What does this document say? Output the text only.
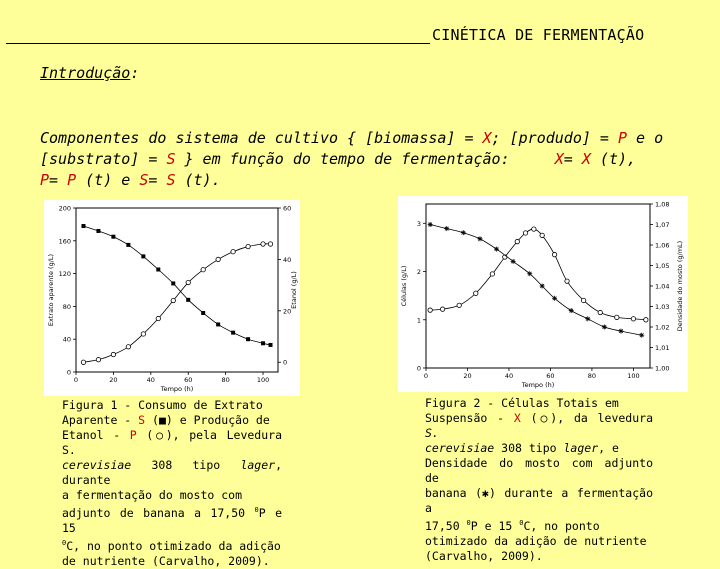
CINÉTICA DE FERMENTAÇÃO
Introdução:
Componentes do sistema de cultivo { [biomassa] = X; [produdo] = P e o
[substrato] = S } em função do tempo de fermentação:     X= X (t),
P= P (t) e S= S (t).
0	20	40	60	80	100
0
40
80
120
160
200
0
20
40
60
Tempo (h)
Extrato aparente (g/L)	Etanol (g/L)
0	20	40	60	80	100
0
1
2
3
1,00
1,01
1,02
1,03
1,04
1,05
1,06
1,07
1,08
Tempo (h)
Células (g/L)	Densidade do mosto (g/mL)
Figura 1 - Consumo de Extrato
Aparente - S (■) e Produção de
Etanol - P (○), pela Levedura S.
cerevisiae 308 tipo lager, durante
a fermentação do mosto com
adjunto de banana a 17,50 $^0$P e 15
$^0$C, no ponto otimizado da adição
de nutriente (Carvalho, 2009).
Figura 2 - Células Totais em
Suspensão - X (○), da levedura S.
cerevisiae 308 tipo lager, e
Densidade do mosto com adjunto de
banana (✱) durante a fermentação a
17,50 $^0$P e 15 $^0$C, no ponto
otimizado da adição de nutriente
(Carvalho, 2009).
